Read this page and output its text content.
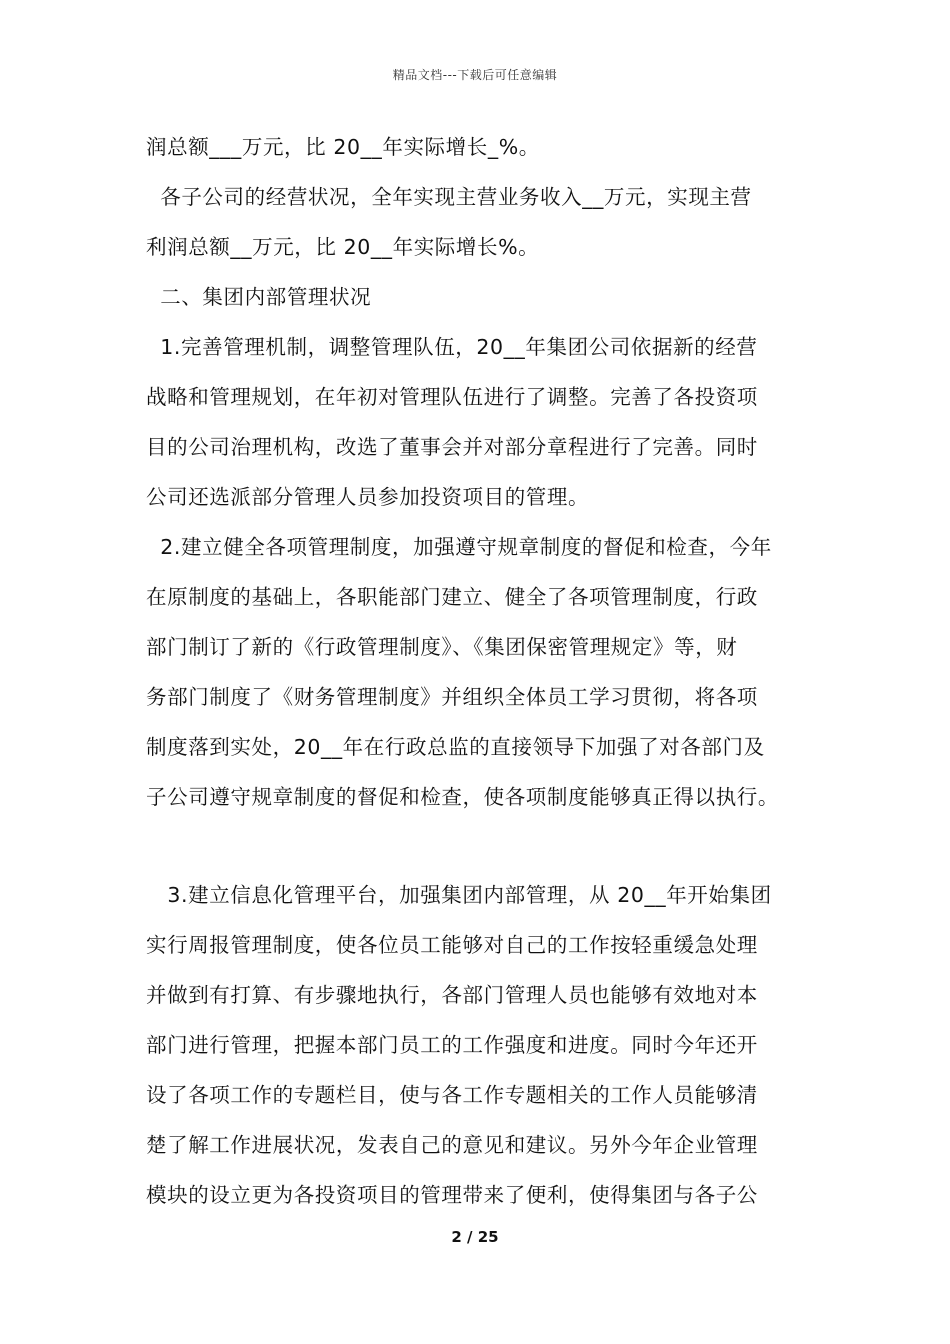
精品文档---下载后可任意编辑
润总额___万元，比 20__年实际增长_%。
各子公司的经营状况，全年实现主营业务收入__万元，实现主营
利润总额__万元，比 20__年实际增长%。
二、集团内部管理状况
1.完善管理机制，调整管理队伍，20__年集团公司依据新的经营
战略和管理规划，在年初对管理队伍进行了调整。完善了各投资项
目的公司治理机构，改选了董事会并对部分章程进行了完善。同时
公司还选派部分管理人员参加投资项目的管理。
2.建立健全各项管理制度，加强遵守规章制度的督促和检查，今年
在原制度的基础上，各职能部门建立、健全了各项管理制度，行政
部门制订了新的《行政管理制度》、《集团保密管理规定》等，财
务部门制度了《财务管理制度》并组织全体员工学习贯彻，将各项
制度落到实处，20__年在行政总监的直接领导下加强了对各部门及
子公司遵守规章制度的督促和检查，使各项制度能够真正得以执行。
3.建立信息化管理平台，加强集团内部管理，从 20__年开始集团
实行周报管理制度，使各位员工能够对自己的工作按轻重缓急处理
并做到有打算、有步骤地执行，各部门管理人员也能够有效地对本
部门进行管理，把握本部门员工的工作强度和进度。同时今年还开
设了各项工作的专题栏目，使与各工作专题相关的工作人员能够清
楚了解工作进展状况，发表自己的意见和建议。另外今年企业管理
模块的设立更为各投资项目的管理带来了便利，使得集团与各子公
2 / 25
